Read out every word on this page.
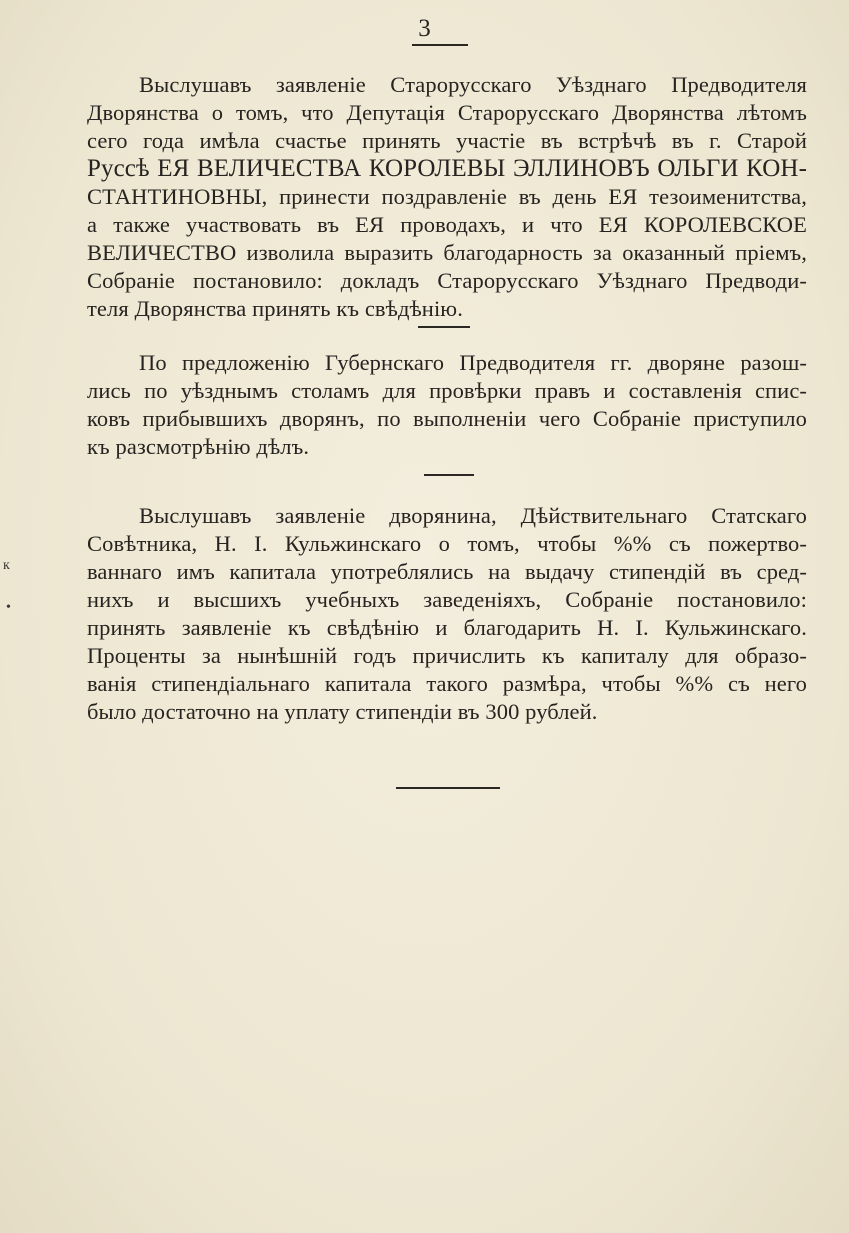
3
Выслушавъ заявленіе Старорусскаго Уѣзднаго Предводителя
Дворянства о томъ, что Депутація Старорусскаго Дворянства лѣтомъ
сего года имѣла счастье принять участіе въ встрѣчѣ въ г. Старой
Руссѣ ЕЯ ВЕЛИЧЕСТВА КОРОЛЕВЫ ЭЛЛИНОВЪ ОЛЬГИ КОН-
СТАНТИНОВНЫ, принести поздравленіе въ день ЕЯ тезоименитства,
а также участвовать въ ЕЯ проводахъ, и что ЕЯ КОРОЛЕВСКОЕ
ВЕЛИЧЕСТВО изволила выразить благодарность за оказанный пріемъ,
Собраніе постановило: докладъ Старорусскаго Уѣзднаго Предводи-
теля Дворянства принять къ свѣдѣнію.
По предложенію Губернскаго Предводителя гг. дворяне разош-
лись по уѣзднымъ столамъ для провѣрки правъ и составленія спис-
ковъ прибывшихъ дворянъ, по выполненіи чего Собраніе приступило
къ разсмотрѣнію дѣлъ.
Выслушавъ заявленіе дворянина, Дѣйствительнаго Статскаго
Совѣтника, Н. І. Кульжинскаго о томъ, чтобы %% съ пожертво-
ваннаго имъ капитала употреблялись на выдачу стипендій въ сред-
нихъ и высшихъ учебныхъ заведеніяхъ, Собраніе постановило:
принять заявленіе къ свѣдѣнію и благодарить Н. І. Кульжинскаго.
Проценты за нынѣшній годъ причислить къ капиталу для образо-
ванія стипендіальнаго капитала такого размѣра, чтобы %% съ него
было достаточно на уплату стипендіи въ 300 рублей.
к
•
